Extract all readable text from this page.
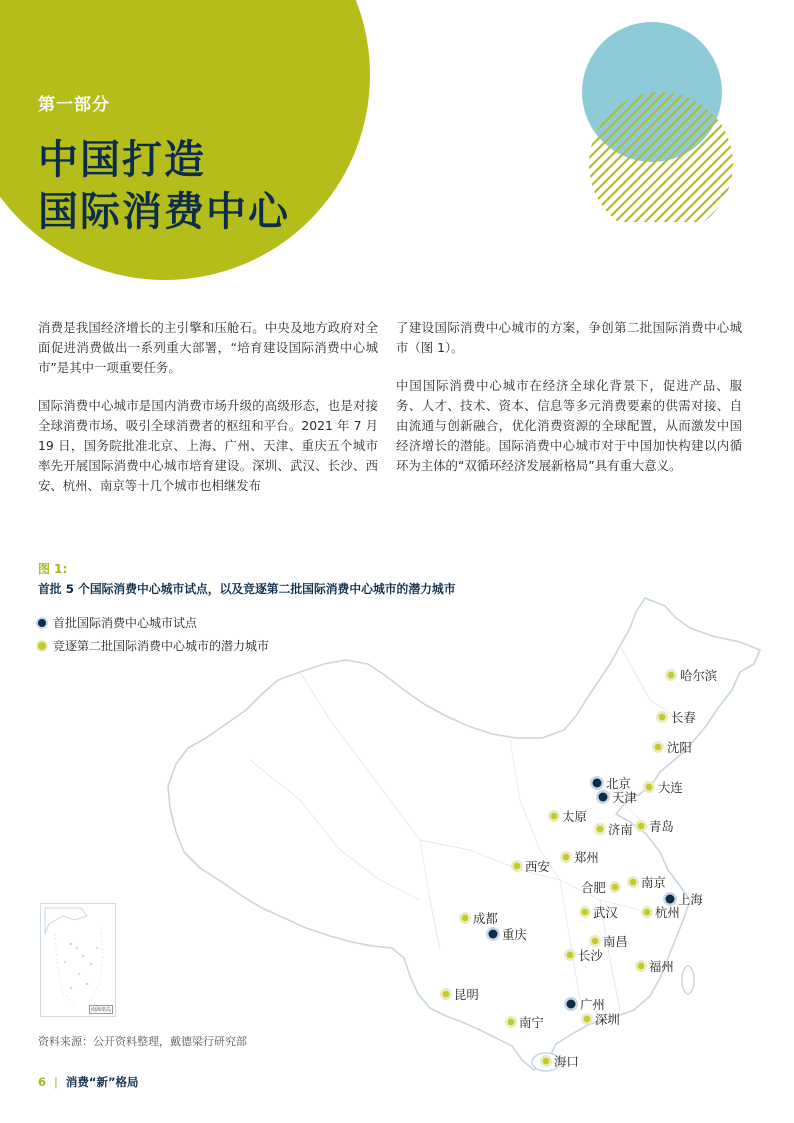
第一部分
中国打造
国际消费中心

消费是我国经济增长的主引擎和压舱石。中央及地方政府对全面促进消费做出一系列重大部署，“培育建设国际消费中心城市”是其中一项重要任务。

国际消费中心城市是国内消费市场升级的高级形态，也是对接全球消费市场、吸引全球消费者的枢纽和平台。2021 年 7 月 19 日，国务院批准北京、上海、广州、天津、重庆五个城市率先开展国际消费中心城市培育建设。深圳、武汉、长沙、西安、杭州、南京等十几个城市也相继发布

了建设国际消费中心城市的方案，争创第二批国际消费中心城市（图 1）。

中国国际消费中心城市在经济全球化背景下，促进产品、服务、人才、技术、资本、信息等多元消费要素的供需对接、自由流通与创新融合，优化消费资源的全球配置，从而激发中国经济增长的潜能。国际消费中心城市对于中国加快构建以内循环为主体的“双循环经济发展新格局”具有重大意义。

图 1:
首批 5 个国际消费中心城市试点，以及竞逐第二批国际消费中心城市的潜力城市
哈尔滨
长春
沈阳
大连
北京
天津
太原
济南 青岛
郑州
西安
合肥	南京
上海
成都	武汉	杭州
重庆	南昌
长沙
福州
昆明
广州
深圳
南宁
海口
首批国际消费中心城市试点
竞逐第二批国际消费中心城市的潜力城市
南海诸岛
资料来源：公开资料整理，戴德梁行研究部
6 | 消费“新”格局
